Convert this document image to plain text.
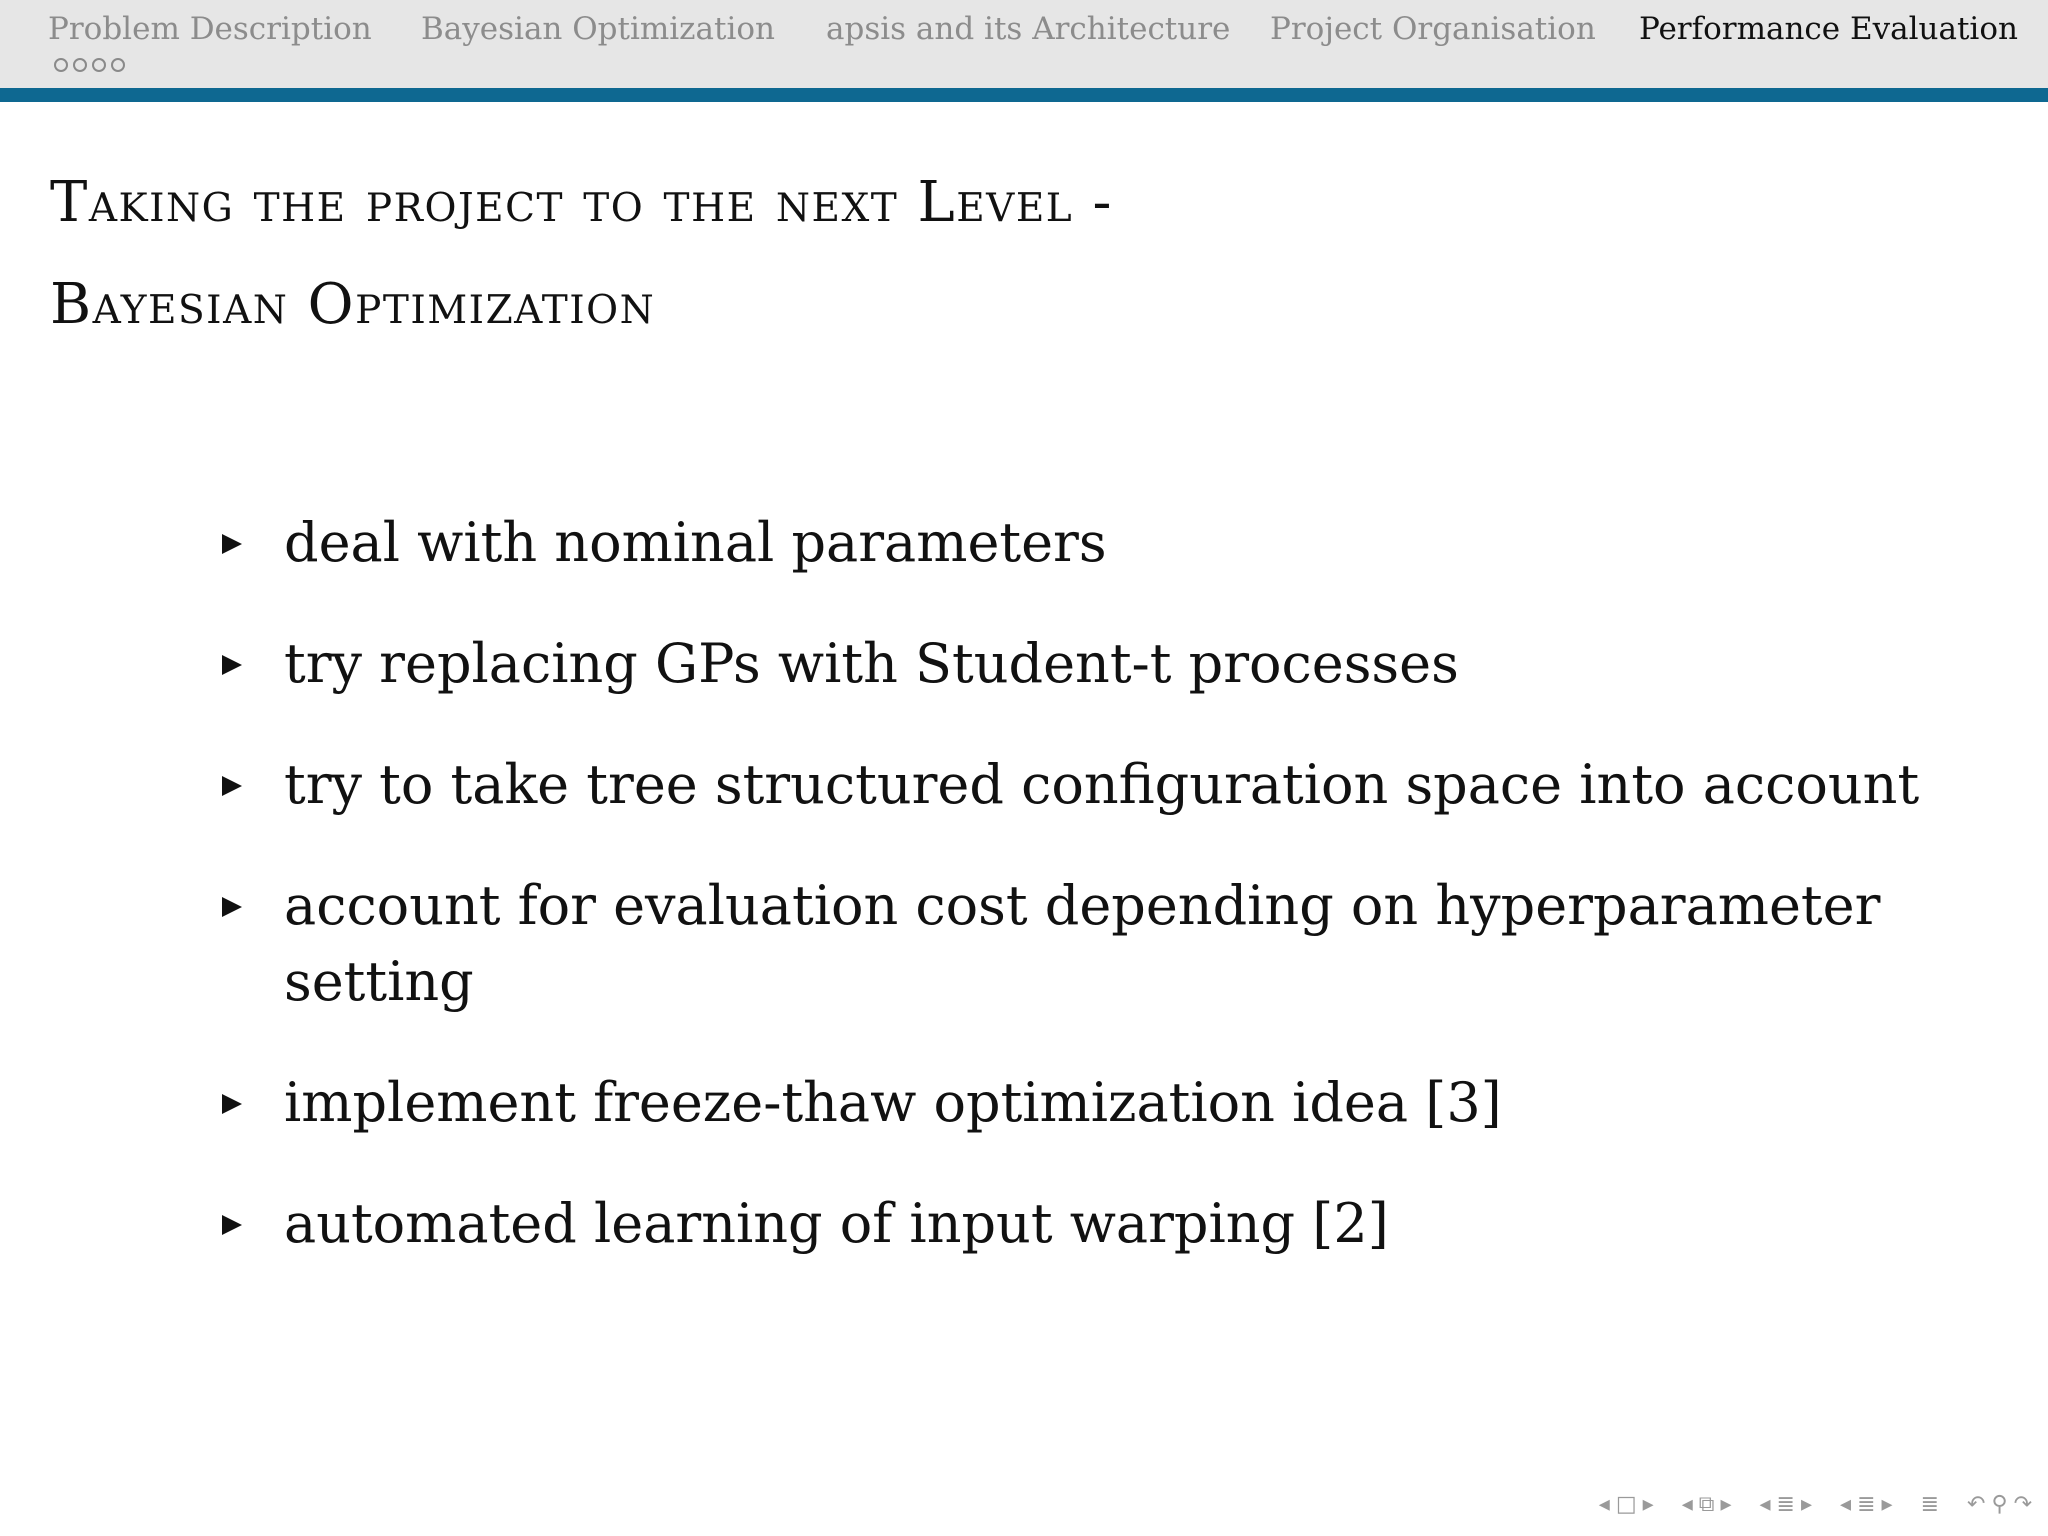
Problem Description Bayesian Optimization apsis and its Architecture Project Organisation Performance Evaluation
Taking the project to the next Level -
Bayesian Optimization
deal with nominal parameters
try replacing GPs with Student-t processes
try to take tree structured configuration space into account
account for evaluation cost depending on hyperparameter setting
implement freeze-thaw optimization idea [3]
automated learning of input warping [2]
◂ □ ▸ ◂ ⧉ ▸ ◂ ≣ ▸ ◂ ≣ ▸ ≣ ↶ ⚲ ↷
